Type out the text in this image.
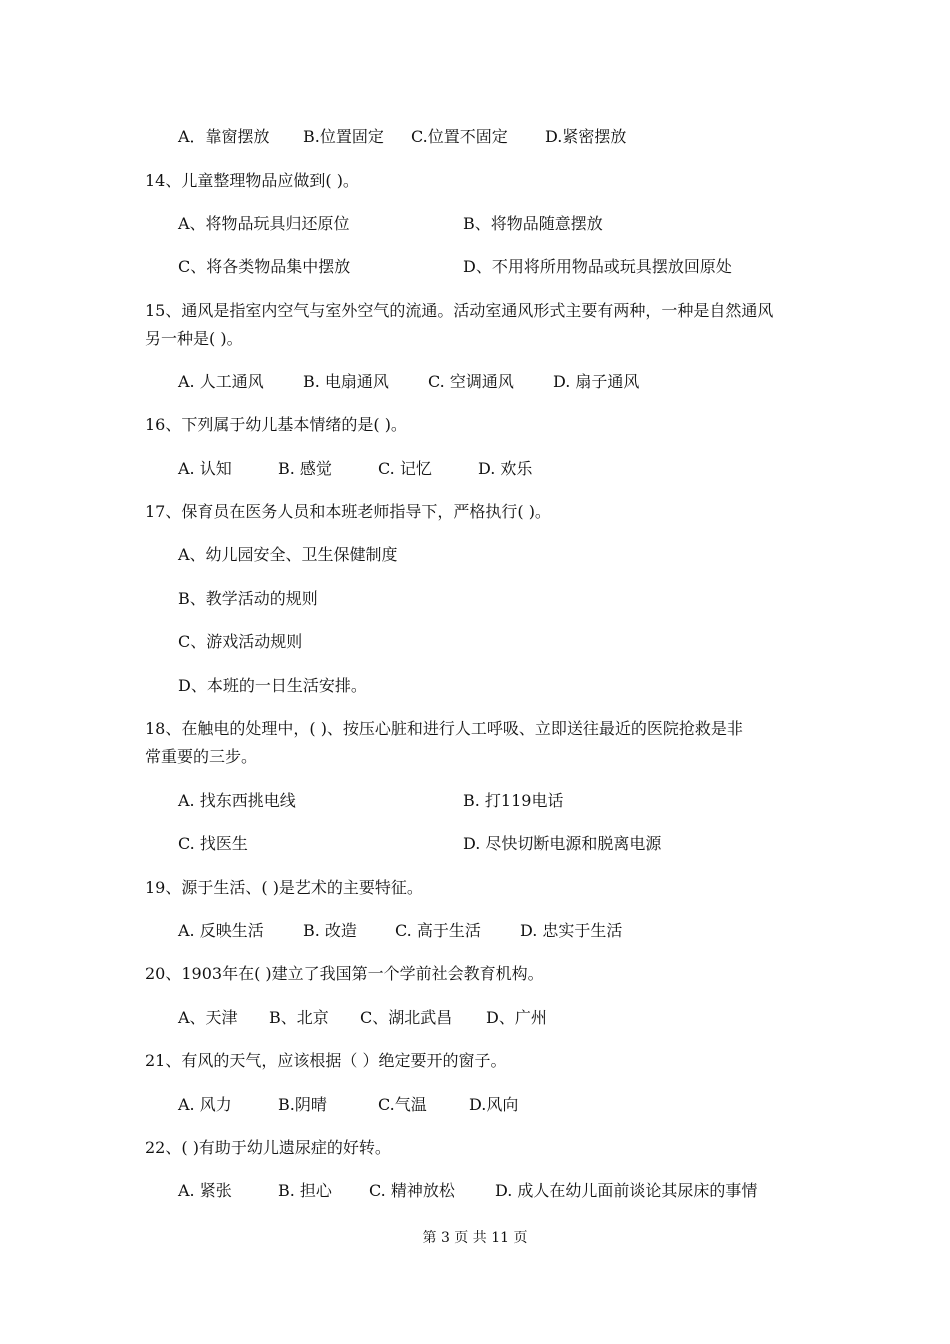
A．靠窗摆放 B.位置固定 C.位置不固定 D.紧密摆放
14、儿童整理物品应做到( )。
A、将物品玩具归还原位	B、将物品随意摆放
C、将各类物品集中摆放	D、不用将所用物品或玩具摆放回原处
15、通风是指室内空气与室外空气的流通。活动室通风形式主要有两种，一种是自然通风
另一种是( )。
A. 人工通风 B. 电扇通风 C. 空调通风 D. 扇子通风
16、下列属于幼儿基本情绪的是( )。
A. 认知	B. 感觉	C. 记忆	D. 欢乐
17、保育员在医务人员和本班老师指导下，严格执行( )。
A、幼儿园安全、卫生保健制度
B、教学活动的规则
C、游戏活动规则
D、本班的一日生活安排。
18、在触电的处理中，( )、按压心脏和进行人工呼吸、立即送往最近的医院抢救是非
常重要的三步。
A. 找东西挑电线	B. 打119电话
C. 找医生	D. 尽快切断电源和脱离电源
19、源于生活、( )是艺术的主要特征。
A. 反映生活 B. 改造 C. 高于生活 D. 忠实于生活
20、1903年在( )建立了我国第一个学前社会教育机构。
A、天津 B、北京 C、湖北武昌 D、广州
21、有风的天气，应该根据（ ）绝定要开的窗子。
A. 风力	B.阴晴	C.气温	D.风向
22、( )有助于幼儿遗尿症的好转。
A. 紧张	B. 担心 C. 精神放松	D. 成人在幼儿面前谈论其尿床的事情
第 3 页 共 11 页
